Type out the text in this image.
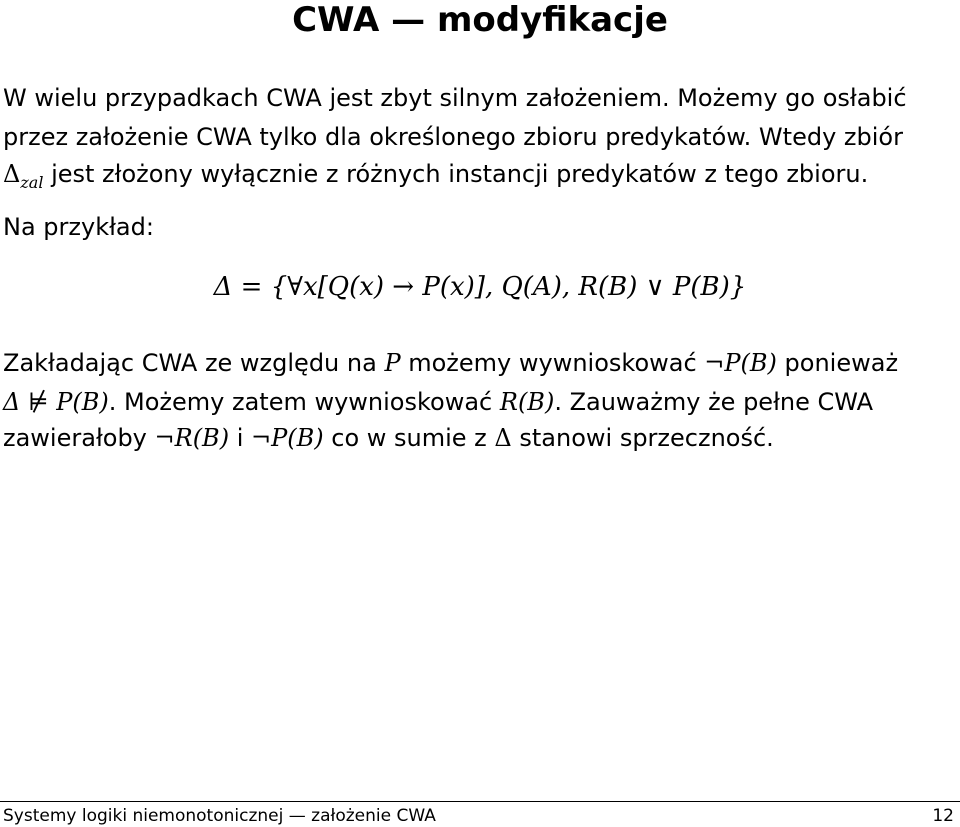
CWA — modyfikacje
W wielu przypadkach CWA jest zbyt silnym założeniem. Możemy go osłabić
przez założenie CWA tylko dla określonego zbioru predykatów. Wtedy zbiór
$\Delta_{zal}$ jest złożony wyłącznie z różnych instancji predykatów z tego zbioru.
Na przykład:
Δ = {∀x[Q(x) → P(x)], Q(A), R(B) ∨ P(B)}
Zakładając CWA ze względu na P możemy wywnioskować ¬P(B) ponieważ
Δ ⊭ P(B). Możemy zatem wywnioskować R(B). Zauważmy że pełne CWA
zawierałoby ¬R(B) i ¬P(B) co w sumie z Δ stanowi sprzeczność.
Systemy logiki niemonotonicznej — założenie CWA	12
